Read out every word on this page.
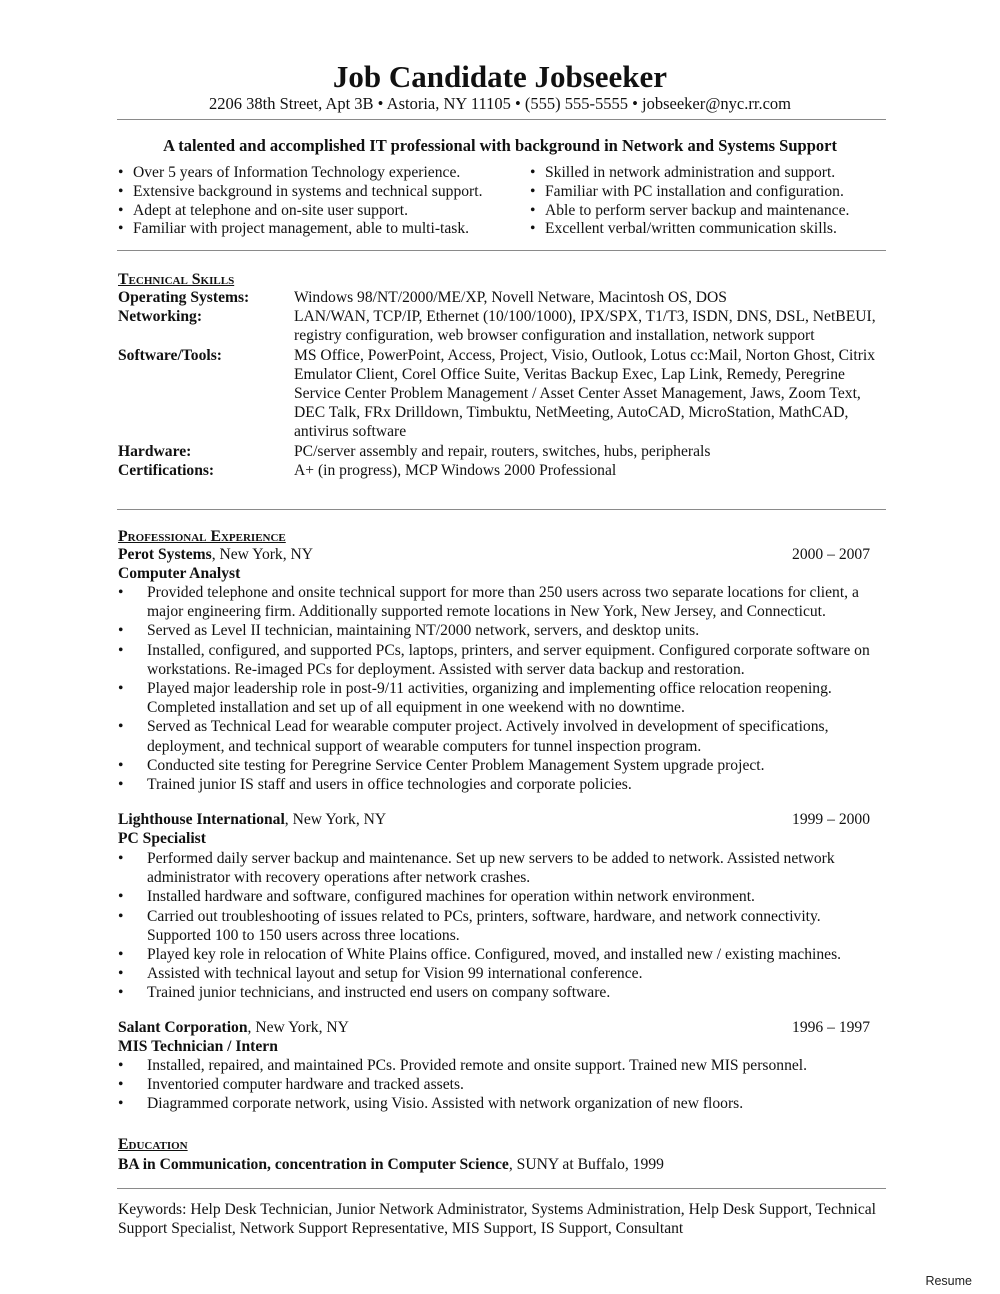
Job Candidate Jobseeker
2206 38th Street, Apt 3B • Astoria, NY 11105 • (555) 555-5555 • jobseeker@nyc.rr.com
A talented and accomplished IT professional with background in Network and Systems Support
• Over 5 years of Information Technology experience.
• Extensive background in systems and technical support.
• Adept at telephone and on-site user support.
• Familiar with project management, able to multi-task.
• Skilled in network administration and support.
• Familiar with PC installation and configuration.
• Able to perform server backup and maintenance.
• Excellent verbal/written communication skills.
Technical Skills
Operating Systems:	Windows 98/NT/2000/ME/XP, Novell Netware, Macintosh OS, DOS
Networking:	LAN/WAN, TCP/IP, Ethernet (10/100/1000), IPX/SPX, T1/T3, ISDN, DNS, DSL, NetBEUI, registry configuration, web browser configuration and installation, network support
Software/Tools:	MS Office, PowerPoint, Access, Project, Visio, Outlook, Lotus cc:Mail, Norton Ghost, Citrix Emulator Client, Corel Office Suite, Veritas Backup Exec, Lap Link, Remedy, Peregrine Service Center Problem Management / Asset Center Asset Management, Jaws, Zoom Text, DEC Talk, FRx Drilldown, Timbuktu, NetMeeting, AutoCAD, MicroStation, MathCAD, antivirus software
Hardware:	PC/server assembly and repair, routers, switches, hubs, peripherals
Certifications:	A+ (in progress), MCP Windows 2000 Professional
Professional Experience
Perot Systems, New York, NY	2000 – 2007
Computer Analyst
• Provided telephone and onsite technical support for more than 250 users across two separate locations for client, a major engineering firm. Additionally supported remote locations in New York, New Jersey, and Connecticut.
• Served as Level II technician, maintaining NT/2000 network, servers, and desktop units.
• Installed, configured, and supported PCs, laptops, printers, and server equipment. Configured corporate software on workstations. Re-imaged PCs for deployment. Assisted with server data backup and restoration.
• Played major leadership role in post-9/11 activities, organizing and implementing office relocation reopening. Completed installation and set up of all equipment in one weekend with no downtime.
• Served as Technical Lead for wearable computer project. Actively involved in development of specifications, deployment, and technical support of wearable computers for tunnel inspection program.
• Conducted site testing for Peregrine Service Center Problem Management System upgrade project.
• Trained junior IS staff and users in office technologies and corporate policies.
Lighthouse International, New York, NY	1999 – 2000
PC Specialist
• Performed daily server backup and maintenance. Set up new servers to be added to network. Assisted network administrator with recovery operations after network crashes.
• Installed hardware and software, configured machines for operation within network environment.
• Carried out troubleshooting of issues related to PCs, printers, software, hardware, and network connectivity. Supported 100 to 150 users across three locations.
• Played key role in relocation of White Plains office. Configured, moved, and installed new / existing machines.
• Assisted with technical layout and setup for Vision 99 international conference.
• Trained junior technicians, and instructed end users on company software.
Salant Corporation, New York, NY	1996 – 1997
MIS Technician / Intern
• Installed, repaired, and maintained PCs. Provided remote and onsite support. Trained new MIS personnel.
• Inventoried computer hardware and tracked assets.
• Diagrammed corporate network, using Visio. Assisted with network organization of new floors.
Education
BA in Communication, concentration in Computer Science, SUNY at Buffalo, 1999
Keywords: Help Desk Technician, Junior Network Administrator, Systems Administration, Help Desk Support, Technical Support Specialist, Network Support Representative, MIS Support, IS Support, Consultant
Resume
